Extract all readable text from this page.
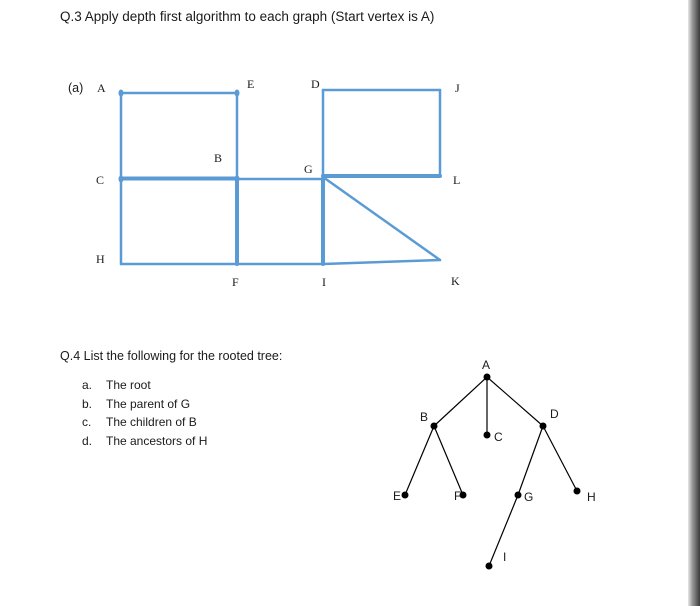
Q.3 Apply depth first algorithm to each graph (Start vertex is A)
(a) A	E	D	J
B
G
C	L
H
F	I	K
Q.4 List the following for the rooted tree:
a.	The root
b.	The parent of G
c.	The children of B
d.	The ancestors of H
A
B
C
D
E	F	G	H
I
